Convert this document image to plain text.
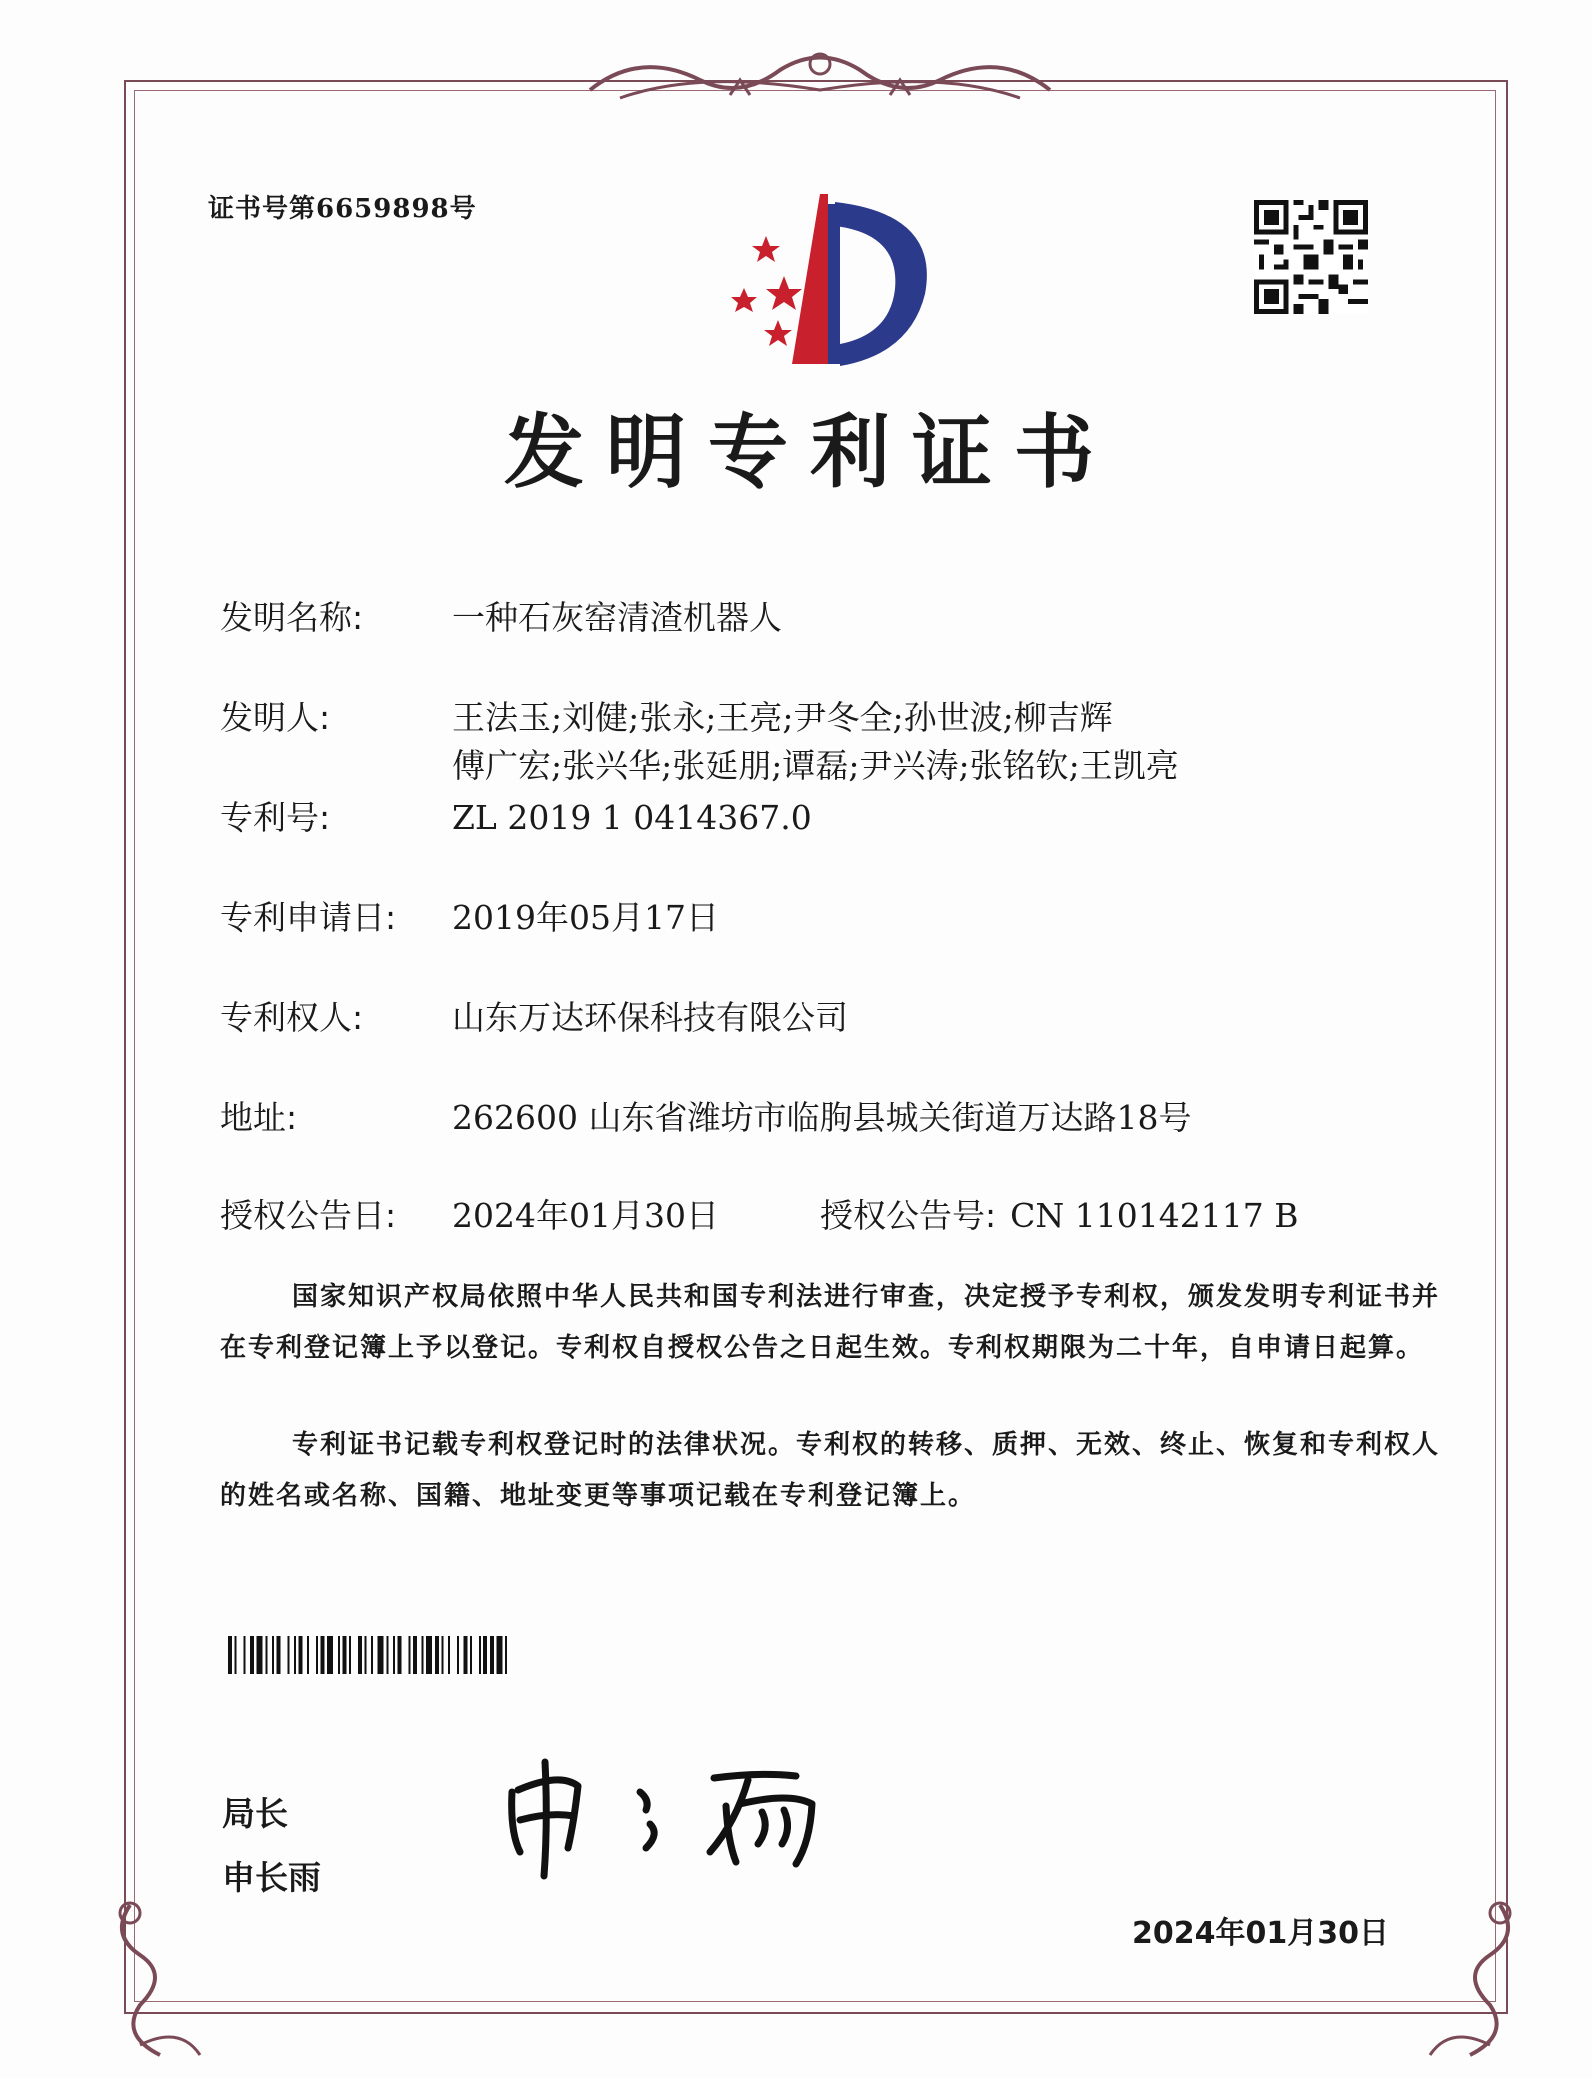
证书号第6659898号
发明专利证书
发明名称:	一种石灰窑清渣机器人
发明人:	王法玉;刘健;张永;王亮;尹冬全;孙世波;柳吉辉
傅广宏;张兴华;张延朋;谭磊;尹兴涛;张铭钦;王凯亮
专利号:	ZL 2019 1 0414367.0
专利申请日: 2019年05月17日
专利权人:	山东万达环保科技有限公司
地址:	262600 山东省潍坊市临朐县城关街道万达路18号
授权公告日: 2024年01月30日	授权公告号: CN 110142117 B
国家知识产权局依照中华人民共和国专利法进行审查，决定授予专利权，颁发发明专利证书并在专利登记簿上予以登记。专利权自授权公告之日起生效。专利权期限为二十年，自申请日起算。
专利证书记载专利权登记时的法律状况。专利权的转移、质押、无效、终止、恢复和专利权人的姓名或名称、国籍、地址变更等事项记载在专利登记簿上。
局长
申长雨
2024年01月30日
